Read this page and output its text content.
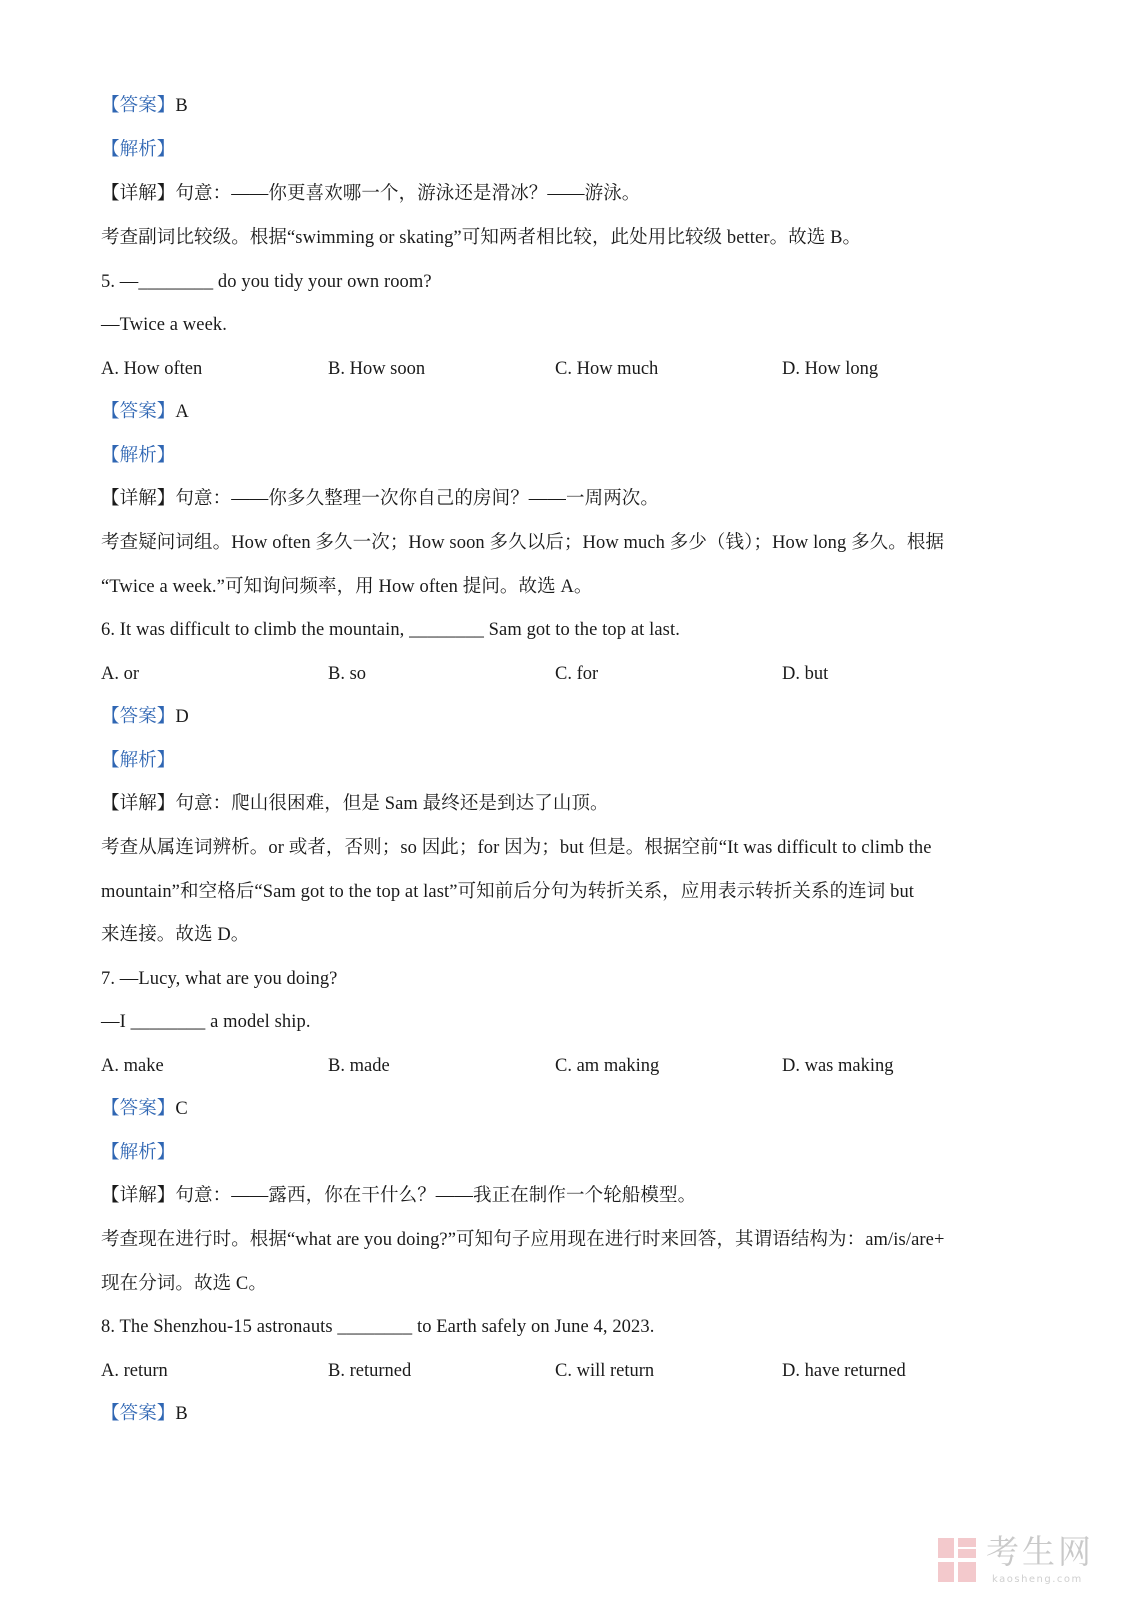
【答案】B
【解析】
【详解】句意：——你更喜欢哪一个，游泳还是滑冰？——游泳。
考查副词比较级。根据“swimming or skating”可知两者相比较，此处用比较级 better。故选 B。
5. —________ do you tidy your own room?
—Twice a week.
A. How often	B. How soon	C. How much	D. How long
【答案】A
【解析】
【详解】句意：——你多久整理一次你自己的房间？——一周两次。
考查疑问词组。How often 多久一次；How soon 多久以后；How much 多少（钱）；How long 多久。根据
“Twice a week.”可知询问频率，用 How often 提问。故选 A。
6. It was difficult to climb the mountain, ________ Sam got to the top at last.
A. or	B. so	C. for	D. but
【答案】D
【解析】
【详解】句意：爬山很困难，但是 Sam 最终还是到达了山顶。
考查从属连词辨析。or 或者，否则；so 因此；for 因为；but 但是。根据空前“It was difficult to climb the
mountain”和空格后“Sam got to the top at last”可知前后分句为转折关系，应用表示转折关系的连词 but
来连接。故选 D。
7. —Lucy, what are you doing?
—I ________ a model ship.
A. make	B. made	C. am making	D. was making
【答案】C
【解析】
【详解】句意：——露西，你在干什么？——我正在制作一个轮船模型。
考查现在进行时。根据“what are you doing?”可知句子应用现在进行时来回答，其谓语结构为：am/is/are+
现在分词。故选 C。
8. The Shenzhou-15 astronauts ________ to Earth safely on June 4, 2023.
A. return	B. returned	C. will return	D. have returned
【答案】B
考生网
kaosheng.com
